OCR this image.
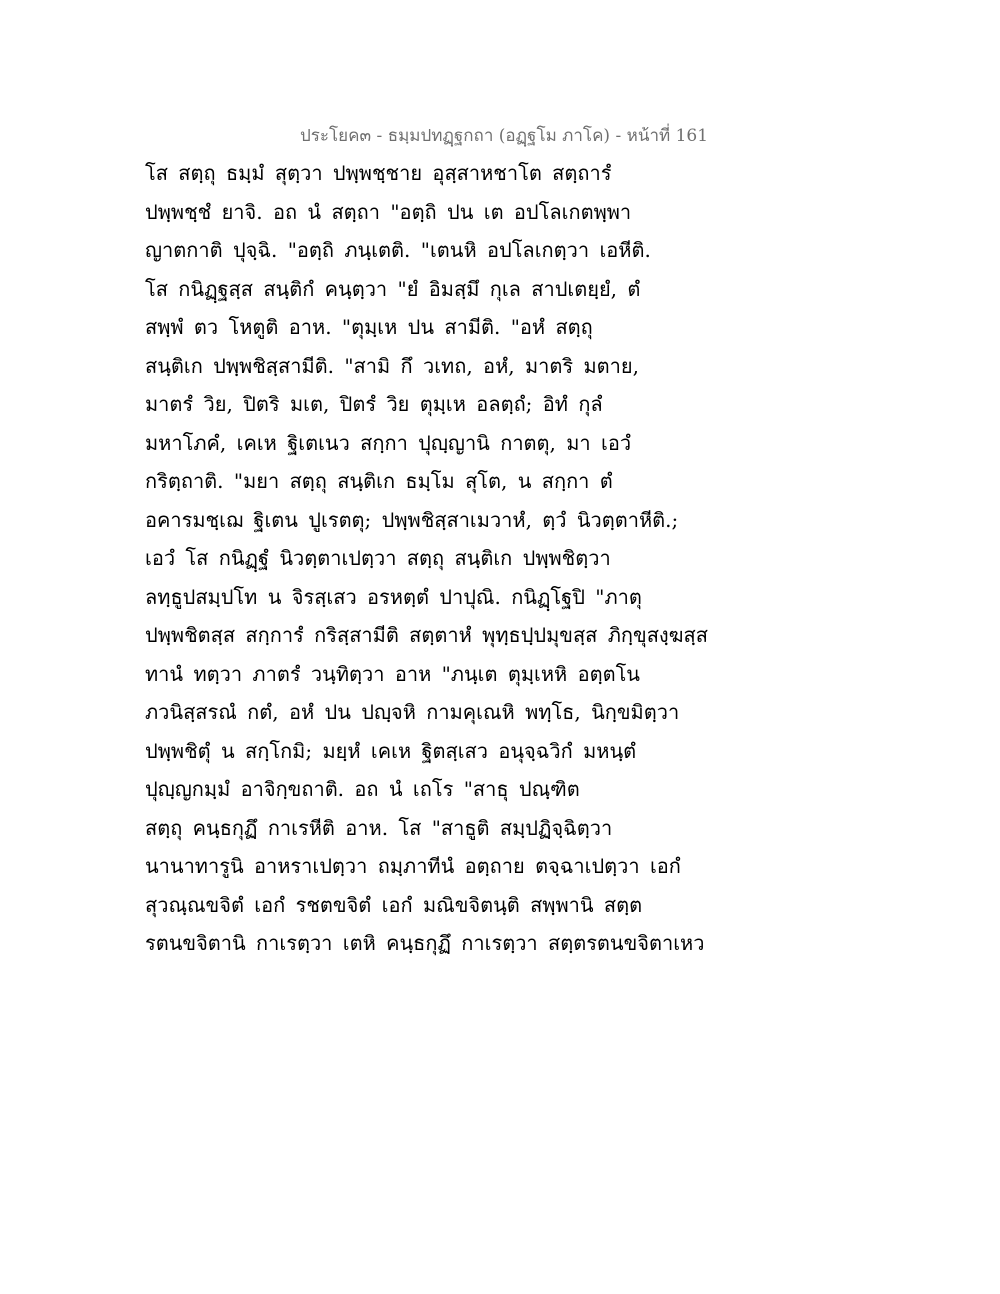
ประโยค๓ - ธมฺมปทฏฺฐกถา (อฏฺฐโม ภาโค) - หน้าที่ 161
โส สตฺถุ ธมฺมํ สุตฺวา ปพฺพชฺชาย อุสฺสาหชาโต สตฺถารํ
ปพฺพชฺชํ ยาจิ. อถ นํ สตฺถา "อตฺถิ ปน เต อปโลเกตพฺพา
ญาตกาติ ปุจฺฉิ. "อตฺถิ ภนฺเตติ. "เตนหิ อปโลเกตฺวา เอหีติ.
โส กนิฏฺฐสฺส สนฺติกํ คนฺตฺวา "ยํ อิมสฺมึ กุเล สาปเตยฺยํ, ตํ
สพฺพํ ตว โหตูติ อาห. "ตุมฺเห ปน สามีติ. "อหํ สตฺถุ
สนฺติเก ปพฺพชิสฺสามีติ. "สามิ กึ วเทถ, อหํ, มาตริ มตาย,
มาตรํ วิย, ปิตริ มเต, ปิตรํ วิย ตุมฺเห อลตฺถํ; อิทํ กุลํ
มหาโภคํ, เคเห ฐิเตเนว สกฺกา ปุญฺญานิ กาตตุ, มา เอวํ
กริตฺถาติ. "มยา สตฺถุ สนฺติเก ธมฺโม สุโต, น สกฺกา ตํ
อคารมชฺเฌ ฐิเตน ปูเรตตุ; ปพฺพชิสฺสาเมวาหํ, ตฺวํ นิวตฺตาหีติ.;
เอวํ โส กนิฏฺฐํ นิวตฺตาเปตฺวา สตฺถุ สนฺติเก ปพฺพชิตฺวา
ลทฺธูปสมฺปโท น จิรสฺเสว อรหตฺตํ ปาปุณิ. กนิฏฺโฐปิ "ภาตุ
ปพฺพชิตสฺส สกฺการํ กริสฺสามีติ สตฺตาหํ พุทฺธปฺปมุขสฺส ภิกฺขุสงฺฆสฺส
ทานํ ทตฺวา ภาตรํ วนฺทิตฺวา อาห "ภนฺเต ตุมฺเหหิ อตฺตโน
ภวนิสฺสรณํ กตํ, อหํ ปน ปญฺจหิ กามคุเณหิ พทฺโธ, นิกฺขมิตฺวา
ปพฺพชิตุํ น สกฺโกมิ; มยฺหํ เคเห ฐิตสฺเสว อนุจฺฉวิกํ มหนฺตํ
ปุญฺญกมฺมํ อาจิกฺขถาติ. อถ นํ เถโร "สาธุ ปณฺฑิต
สตฺถุ คนฺธกุฏึ กาเรหีติ อาห. โส "สาธูติ สมฺปฏิจฺฉิตฺวา
นานาทารูนิ อาหราเปตฺวา ถมฺภาทีนํ อตฺถาย ตจฺฉาเปตฺวา เอกํ
สุวณฺณขจิตํ เอกํ รชตขจิตํ เอกํ มณิขจิตนฺติ สพฺพานิ สตฺต
รตนขจิตานิ กาเรตฺวา เตหิ คนฺธกุฏึ กาเรตฺวา สตฺตรตนขจิตาเหว
